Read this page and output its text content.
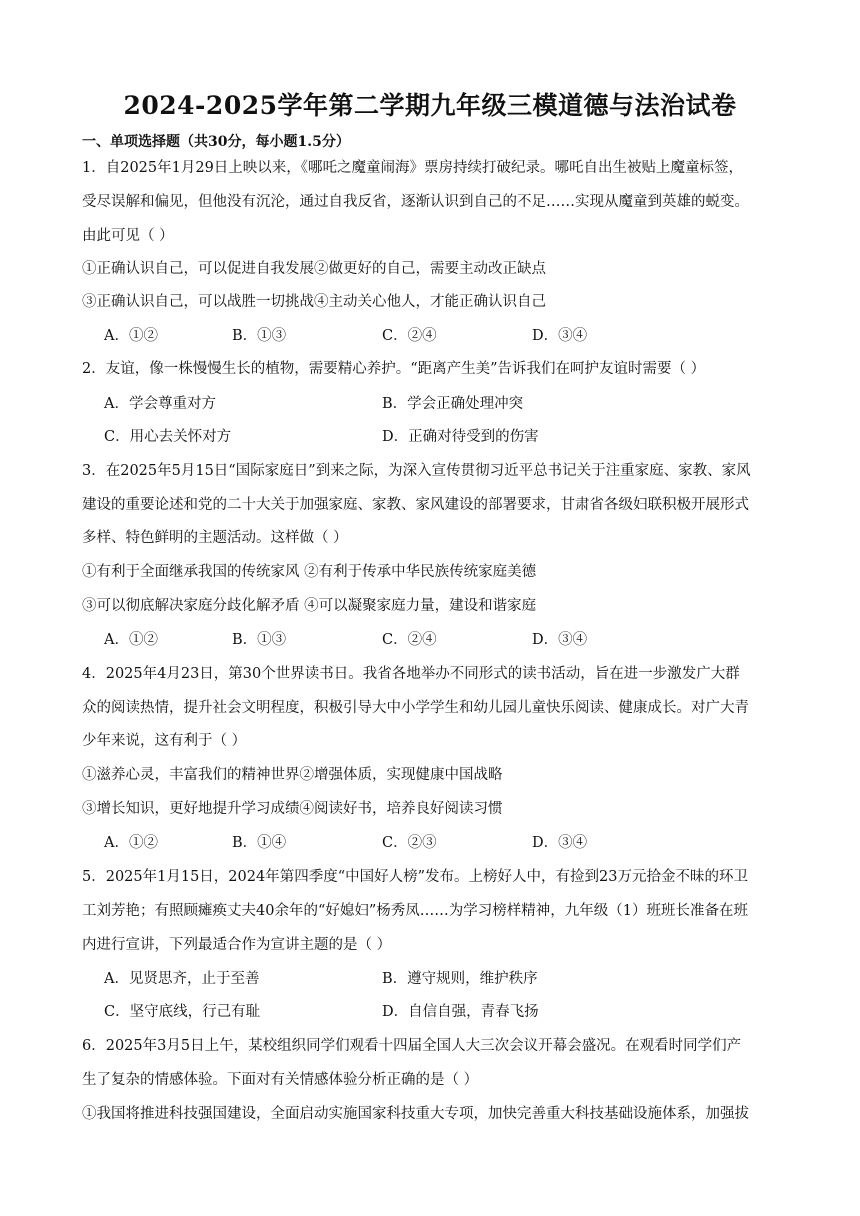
2024-2025学年第二学期九年级三模道德与法治试卷
一、单项选择题（共30分，每小题1.5分）
1．自2025年1月29日上映以来，《哪吒之魔童闹海》票房持续打破纪录。哪吒自出生被贴上魔童标签，
受尽误解和偏见，但他没有沉沦，通过自我反省，逐渐认识到自己的不足……实现从魔童到英雄的蜕变。
由此可见（ ）
①正确认识自己，可以促进自我发展②做更好的自己，需要主动改正缺点
③正确认识自己，可以战胜一切挑战④主动关心他人，才能正确认识自己
A．①②	B．①③	C．②④	D．③④
2．友谊，像一株慢慢生长的植物，需要精心养护。“距离产生美”告诉我们在呵护友谊时需要（ ）
A．学会尊重对方	B．学会正确处理冲突
C．用心去关怀对方	D．正确对待受到的伤害
3．在2025年5月15日“国际家庭日”到来之际，为深入宣传贯彻习近平总书记关于注重家庭、家教、家风
建设的重要论述和党的二十大关于加强家庭、家教、家风建设的部署要求，甘肃省各级妇联积极开展形式
多样、特色鲜明的主题活动。这样做（ ）
①有利于全面继承我国的传统家风 ②有利于传承中华民族传统家庭美德
③可以彻底解决家庭分歧化解矛盾 ④可以凝聚家庭力量，建设和谐家庭
A．①②	B．①③	C．②④	D．③④
4．2025年4月23日，第30个世界读书日。我省各地举办不同形式的读书活动，旨在进一步激发广大群
众的阅读热情，提升社会文明程度，积极引导大中小学学生和幼儿园儿童快乐阅读、健康成长。对广大青
少年来说，这有利于（ ）
①滋养心灵，丰富我们的精神世界②增强体质，实现健康中国战略
③增长知识，更好地提升学习成绩④阅读好书，培养良好阅读习惯
A．①②	B．①④	C．②③	D．③④
5．2025年1月15日，2024年第四季度“中国好人榜”发布。上榜好人中，有捡到23万元拾金不昧的环卫
工刘芳艳；有照顾瘫痪丈夫40余年的“好媳妇”杨秀凤……为学习榜样精神，九年级（1）班班长准备在班
内进行宣讲，下列最适合作为宣讲主题的是（ ）
A．见贤思齐，止于至善	B．遵守规则，维护秩序
C．坚守底线，行己有耻	D．自信自强，青春飞扬
6．2025年3月5日上午，某校组织同学们观看十四届全国人大三次会议开幕会盛况。在观看时同学们产
生了复杂的情感体验。下面对有关情感体验分析正确的是（ ）
①我国将推进科技强国建设，全面启动实施国家科技重大专项，加快完善重大科技基础设施体系，加强拔
